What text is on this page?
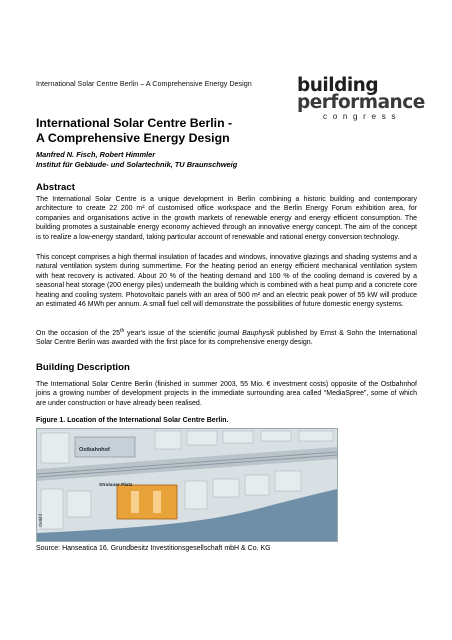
International Solar Centre Berlin – A Comprehensive Energy Design building
performance
congress
International Solar Centre Berlin -
A Comprehensive Energy Design
Manfred N. Fisch, Robert Himmler
Institut für Gebäude- und Solartechnik, TU Braunschweig
Abstract
The International Solar Centre is a unique development in Berlin combining a historic building and contemporary architecture to create 22 200 m² of customised office workspace and the Berlin Energy Forum exhibition area, for companies and organisations active in the growth markets of renewable energy and energy efficient consumption. The building promotes a sustainable energy economy achieved through an innovative energy concept. The aim of the concept is to realize a low-energy standard, taking particular account of renewable and rational energy conversion technology.
This concept comprises a high thermal insulation of facades and windows, innovative glazings and shading systems and a natural ventilation system during summertime. For the heating period an energy efficient mechanical ventilation system with heat recovery is activated. About 20 % of the heating demand and 100 % of the cooling demand is covered by a seasonal heat storage (200 energy piles) underneath the building which is combined with a heat pump and a concrete core heating and cooling system. Photovoltaic panels with an area of 500 m² and an electric peak power of 55 kW will produce an estimated 46 MWh per annum. A small fuel cell will demonstrate the possibilities of future domestic energy systems.
On the occasion of the 25th year's issue of the scientific journal Bauphysik published by Ernst & Sohn the International Solar Centre Berlin was awarded with the first place for its comprehensive energy design.
Building Description
The International Solar Centre Berlin (finished in summer 2003, 55 Mio. € investment costs) opposite of the Ostbahnhof joins a growing number of development projects in the immediate surrounding area called “MediaSpree”, some of which are under construction or have already been realised.
Figure 1. Location of the International Solar Centre Berlin.
Ostbahnhof
Stralauer Platz
Ostbhf
Source: Hanseatica 16. Grundbesitz Investitionsgesellschaft mbH & Co. KG
